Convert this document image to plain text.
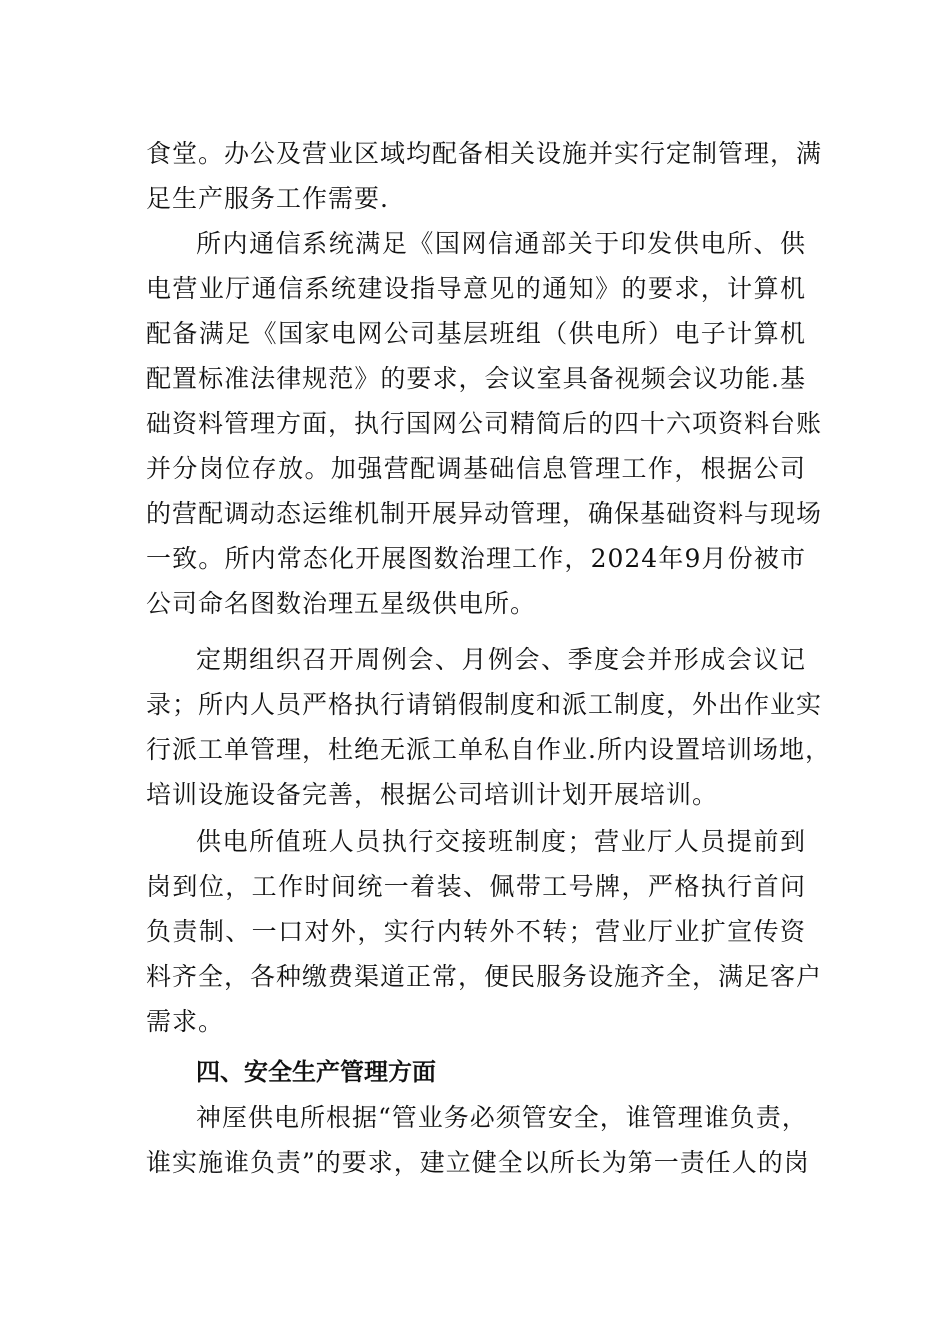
食堂。办公及营业区域均配备相关设施并实行定制管理，满
足生产服务工作需要.
所内通信系统满足《国网信通部关于印发供电所、供
电营业厅通信系统建设指导意见的通知》的要求，计算机
配备满足《国家电网公司基层班组（供电所）电子计算机
配置标准法律规范》的要求，会议室具备视频会议功能.基
础资料管理方面，执行国网公司精简后的四十六项资料台账
并分岗位存放。加强营配调基础信息管理工作，根据公司
的营配调动态运维机制开展异动管理，确保基础资料与现场
一致。所内常态化开展图数治理工作，2024年9月份被市
公司命名图数治理五星级供电所。
定期组织召开周例会、月例会、季度会并形成会议记
录；所内人员严格执行请销假制度和派工制度，外出作业实
行派工单管理，杜绝无派工单私自作业.所内设置培训场地，
培训设施设备完善，根据公司培训计划开展培训。
供电所值班人员执行交接班制度；营业厅人员提前到
岗到位，工作时间统一着装、佩带工号牌，严格执行首问
负责制、一口对外，实行内转外不转；营业厅业扩宣传资
料齐全，各种缴费渠道正常，便民服务设施齐全，满足客户
需求。
四、安全生产管理方面
神厔供电所根据“管业务必须管安全，谁管理谁负责，
谁实施谁负责”的要求，建立健全以所长为第一责任人的岗
